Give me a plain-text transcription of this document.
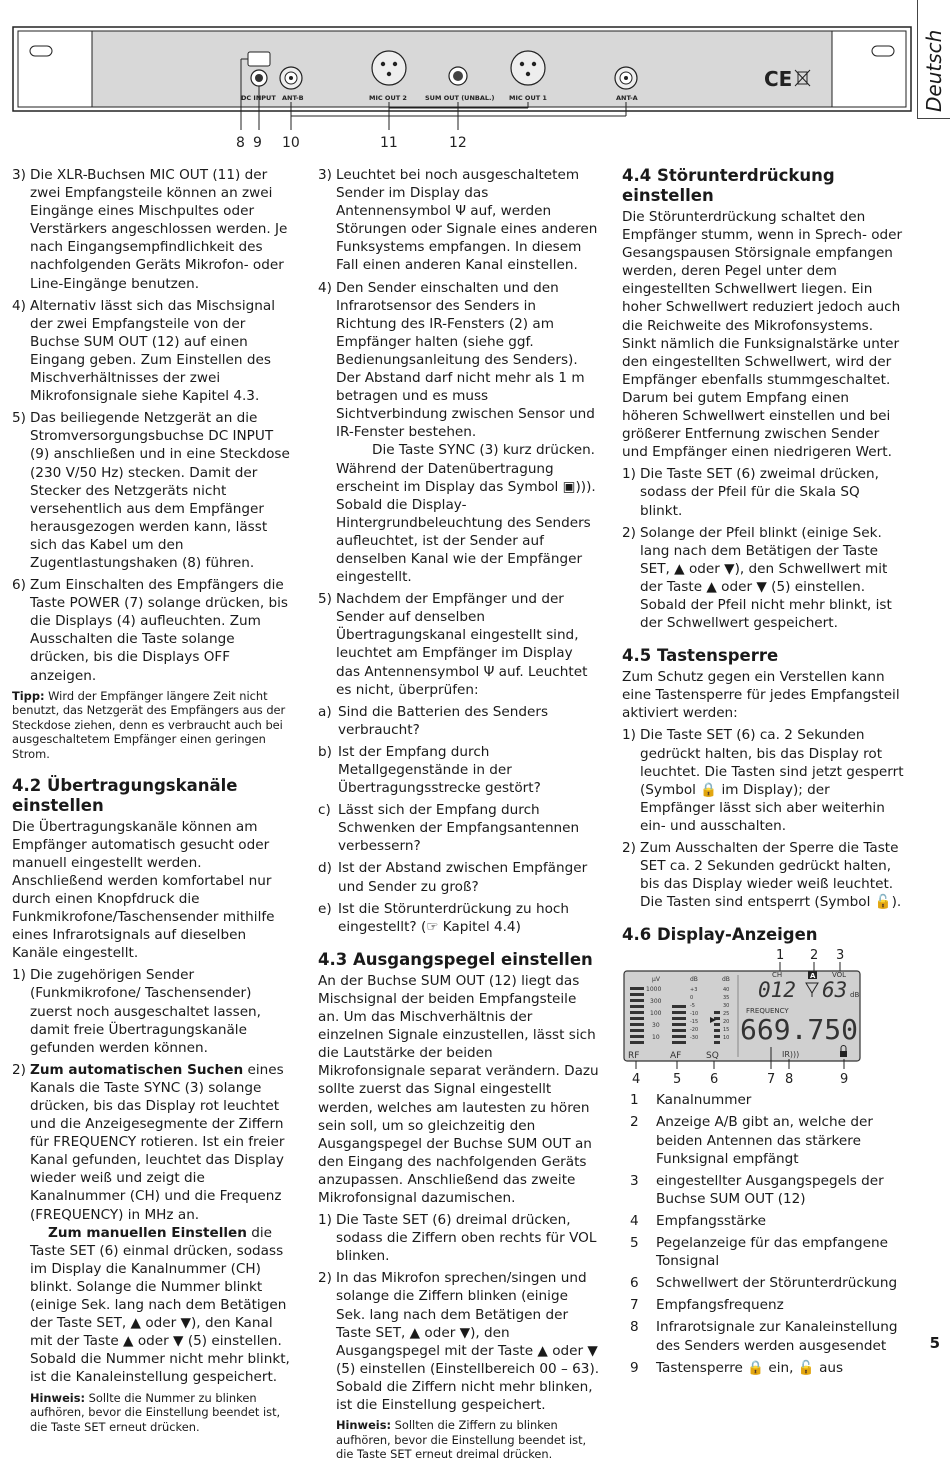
Deutsch
CE
DC INPUT ANT-B	MIC OUT 2	SUM OUT (UNBAL.) MIC OUT 1	ANT-A
8 9 10	11	12
3) Die XLR-Buchsen MIC OUT (11) der zwei Empfangsteile können an zwei Eingänge eines Mischpultes oder Verstärkers angeschlossen werden. Je nach Eingangsempfindlichkeit des nachfolgenden Geräts Mikrofon- oder Line-Eingänge benutzen.
4) Alternativ lässt sich das Mischsignal der zwei Empfangsteile von der Buchse SUM OUT (12) auf einen Eingang geben. Zum Einstellen des Mischverhältnisses der zwei Mikrofonsignale siehe Kapitel 4.3.
5) Das beiliegende Netzgerät an die Stromversorgungsbuchse DC INPUT (9) anschließen und in eine Steckdose (230 V/50 Hz) stecken. Damit der Stecker des Netzgeräts nicht versehentlich aus dem Empfänger herausgezogen werden kann, lässt sich das Kabel um den Zugentlastungshaken (8) führen.
6) Zum Einschalten des Empfängers die Taste POWER (7) solange drücken, bis die Displays (4) aufleuchten. Zum Ausschalten die Taste solange drücken, bis die Displays OFF anzeigen.

Tipp: Wird der Empfänger längere Zeit nicht benutzt, das Netzgerät des Empfängers aus der Steckdose ziehen, denn es verbraucht auch bei ausgeschaltetem Empfänger einen geringen Strom.

4.2 Übertragungskanäle einstellen

Die Übertragungskanäle können am Empfänger automatisch gesucht oder manuell eingestellt werden. Anschließend werden komfortabel nur durch einen Knopfdruck die Funkmikrofone/Taschensender mithilfe eines Infrarotsignals auf dieselben Kanäle eingestellt.

1) Die zugehörigen Sender (Funkmikrofone/ Taschensender) zuerst noch ausgeschaltet lassen, damit freie Übertragungskanäle gefunden werden können.
2) Zum automatischen Suchen eines Kanals die Taste SYNC (3) solange drücken, bis das Display rot leuchtet und die Anzeigesegmente der Ziffern für FREQUENCY rotieren. Ist ein freier Kanal gefunden, leuchtet das Display wieder weiß und zeigt die Kanalnummer (CH) und die Frequenz (FREQUENCY) in MHz an.
Zum manuellen Einstellen die Taste SET (6) einmal drücken, sodass im Display die Kanalnummer (CH) blinkt. Solange die Nummer blinkt (einige Sek. lang nach dem Betätigen der Taste SET, ▲ oder ▼), den Kanal mit der Taste ▲ oder ▼ (5) einstellen. Sobald die Nummer nicht mehr blinkt, ist die Kanaleinstellung gespeichert.

Hinweis: Sollte die Nummer zu blinken aufhören, bevor die Einstellung beendet ist, die Taste SET erneut drücken.

3) Leuchtet bei noch ausgeschaltetem Sender im Display das Antennensymbol Ψ auf, werden Störungen oder Signale eines anderen Funksystems empfangen. In diesem Fall einen anderen Kanal einstellen.
4) Den Sender einschalten und den Infrarotsensor des Senders in Richtung des IR-Fensters (2) am Empfänger halten (siehe ggf. Bedienungsanleitung des Senders). Der Abstand darf nicht mehr als 1 m betragen und es muss Sichtverbindung zwischen Sensor und IR-Fenster bestehen.
Die Taste SYNC (3) kurz drücken. Während der Datenübertragung erscheint im Display das Symbol ▣))). Sobald die Display-Hintergrundbeleuchtung des Senders aufleuchtet, ist der Sender auf denselben Kanal wie der Empfänger eingestellt.
5) Nachdem der Empfänger und der Sender auf denselben Übertragungskanal eingestellt sind, leuchtet am Empfänger im Display das Antennensymbol Ψ auf. Leuchtet es nicht, überprüfen:
a) Sind die Batterien des Senders verbraucht?
b) Ist der Empfang durch Metallgegenstände in der Übertragungsstrecke gestört?
c) Lässt sich der Empfang durch Schwenken der Empfangsantennen verbessern?
d) Ist der Abstand zwischen Empfänger und Sender zu groß?
e) Ist die Störunterdrückung zu hoch eingestellt? (☞ Kapitel 4.4)
4.3 Ausgangspegel einstellen

An der Buchse SUM OUT (12) liegt das Mischsignal der beiden Empfangsteile an. Um das Mischverhältnis der einzelnen Signale einzustellen, lässt sich die Lautstärke der beiden Mikrofonsignale separat verändern. Dazu sollte zuerst das Signal eingestellt werden, welches am lautesten zu hören sein soll, um so gleichzeitig den Ausgangspegel der Buchse SUM OUT an den Eingang des nachfolgenden Geräts anzupassen. Anschließend das zweite Mikrofonsignal dazumischen.

1) Die Taste SET (6) dreimal drücken, sodass die Ziffern oben rechts für VOL blinken.
2) In das Mikrofon sprechen/singen und solange die Ziffern blinken (einige Sek. lang nach dem Betätigen der Taste SET, ▲ oder ▼), den Ausgangspegel mit der Taste ▲ oder ▼ (5) einstellen (Einstellbereich 00 – 63). Sobald die Ziffern nicht mehr blinken, ist die Einstellung gespeichert.

Hinweis: Sollten die Ziffern zu blinken aufhören, bevor die Einstellung beendet ist, die Taste SET erneut dreimal drücken.

4.4 Störunterdrückung einstellen

Die Störunterdrückung schaltet den Empfänger stumm, wenn in Sprech- oder Gesangspausen Störsignale empfangen werden, deren Pegel unter dem eingestellten Schwellwert liegen. Ein hoher Schwellwert reduziert jedoch auch die Reichweite des Mikrofonsystems. Sinkt nämlich die Funksignalstärke unter den eingestellten Schwellwert, wird der Empfänger ebenfalls stummgeschaltet. Darum bei gutem Empfang einen höheren Schwellwert einstellen und bei größerer Entfernung zwischen Sender und Empfänger einen niedrigeren Wert.

1) Die Taste SET (6) zweimal drücken, sodass der Pfeil für die Skala SQ blinkt.
2) Solange der Pfeil blinkt (einige Sek. lang nach dem Betätigen der Taste SET, ▲ oder ▼), den Schwellwert mit der Taste ▲ oder ▼ (5) einstellen. Sobald der Pfeil nicht mehr blinkt, ist der Schwellwert gespeichert.
4.5 Tastensperre

Zum Schutz gegen ein Verstellen kann eine Tastensperre für jedes Empfangsteil aktiviert werden:

1) Die Taste SET (6) ca. 2 Sekunden gedrückt halten, bis das Display rot leuchtet. Die Tasten sind jetzt gesperrt (Symbol 🔒 im Display); der Empfänger lässt sich aber weiterhin ein- und ausschalten.
2) Zum Ausschalten der Sperre die Taste SET ca. 2 Sekunden gedrückt halten, bis das Display wieder weiß leuchtet. Die Tasten sind entsperrt (Symbol 🔓).
4.6 Display-Anzeigen
1 2 3
μV
1000
300
100
30
10
dB
+3
0
-5
-10
-15
-20
-30
dB
40
35
30
25
20
15
10
RF	AF	SQ
CH	VOL
012 63 dB
FREQUENCY
669.750
IR)))
A
4	5 6	7 8	9
1 Kanalnummer
2 Anzeige A/B gibt an, welche der beiden Antennen das stärkere Funksignal empfängt
3 eingestellter Ausgangspegels der Buchse SUM OUT (12)
4 Empfangsstärke
5 Pegelanzeige für das empfangene Tonsignal
6 Schwellwert der Störunterdrückung
7 Empfangsfrequenz
8 Infrarotsignale zur Kanaleinstellung des Senders werden ausgesendet
9 Tastensperre 🔒 ein, 🔓 aus
5
